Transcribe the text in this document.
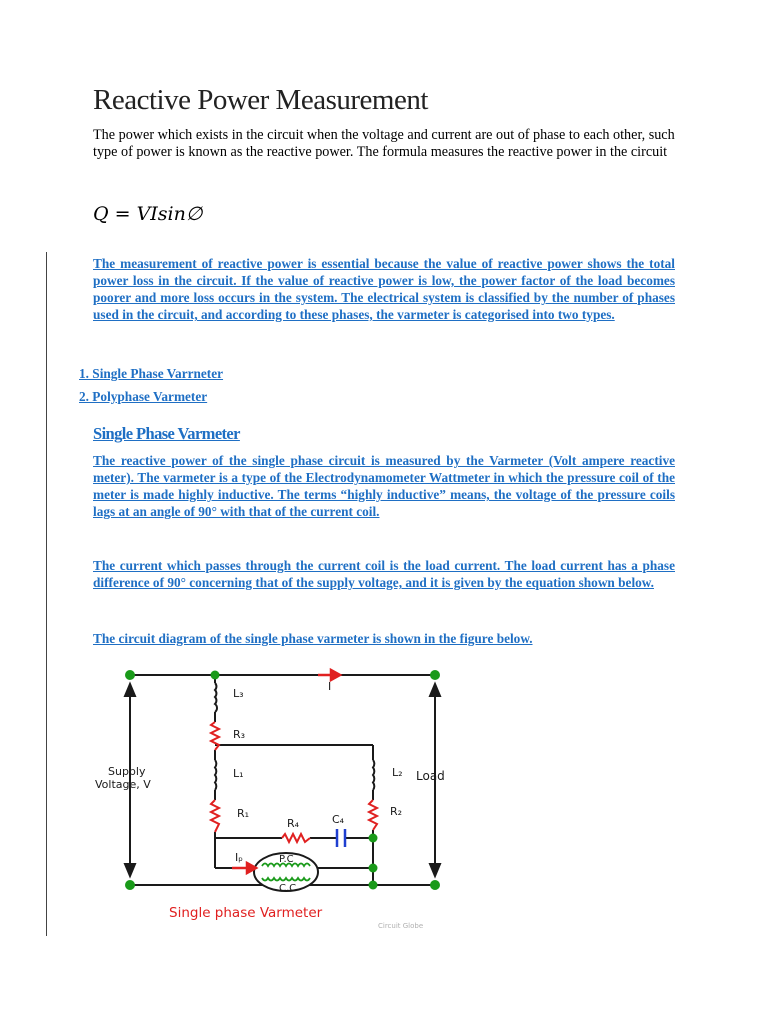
Reactive Power Measurement

The power which exists in the circuit when the voltage and current are out of phase to each other, such type of power is known as the reactive power. The formula measures the reactive power in the circuit

Q = VIsin∅

The measurement of reactive power is essential because the value of reactive power shows the total power loss in the circuit. If the value of reactive power is low, the power factor of the load becomes poorer and more loss occurs in the system. The electrical system is classified by the number of phases used in the circuit, and according to these phases, the varmeter is categorised into two types.

1. Single Phase Varrneter
2. Polyphase Varmeter
Single Phase Varmeter

The reactive power of the single phase circuit is measured by the Varmeter (Volt ampere reactive meter). The varmeter is a type of the Electrodynamometer Wattmeter in which the pressure coil of the meter is made highly inductive. The terms “highly inductive” means, the voltage of the pressure coils lags at an angle of 90° with that of the current coil.

The current which passes through the current coil is the load current. The load current has a phase difference of 90° concerning that of the supply voltage, and it is given by the equation shown below.

The circuit diagram of the single phase varmeter is shown in the figure below.

P.C
C.C
L₃
R₃
L₁
R₁
R₄	C₄
L₂
R₂
I
Iₚ
Supply
Voltage, V
Load
Single phase Varmeter
Circuit Globe
